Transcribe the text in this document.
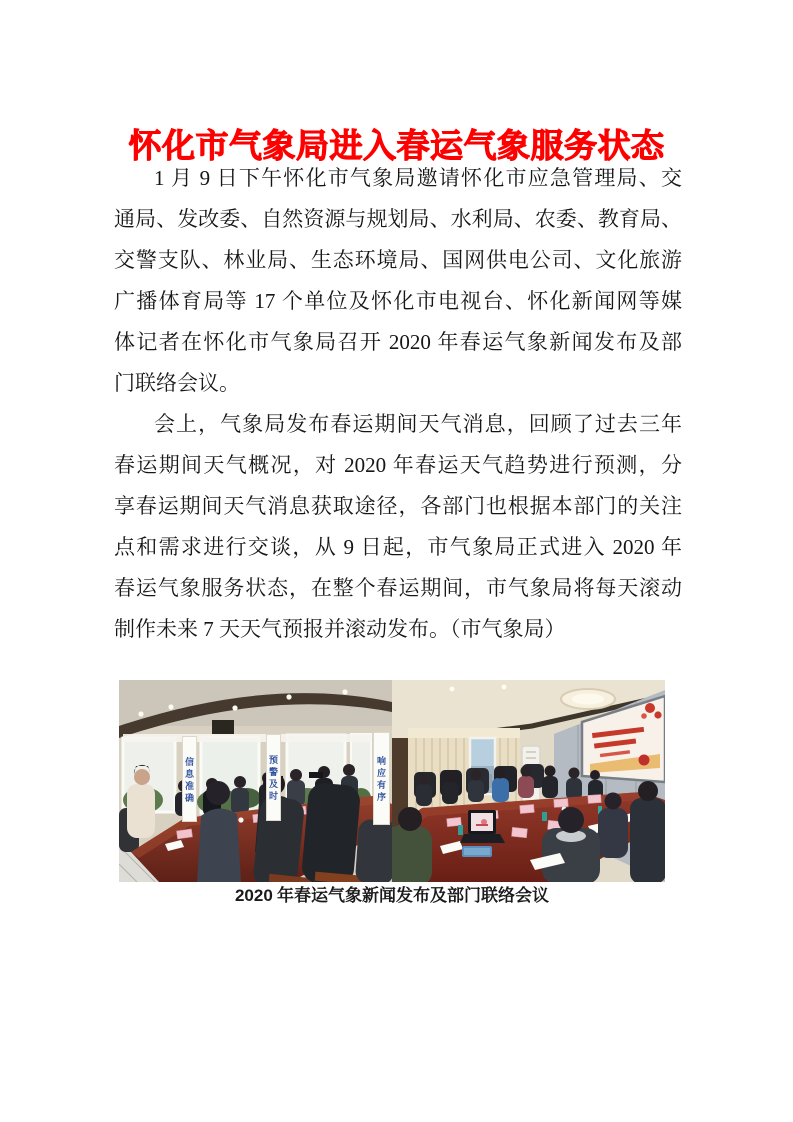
怀化市气象局进入春运气象服务状态
1 月 9 日下午怀化市气象局邀请怀化市应急管理局、交
通局、发改委、自然资源与规划局、水利局、农委、教育局、
交警支队、林业局、生态环境局、国网供电公司、文化旅游
广播体育局等 17 个单位及怀化市电视台、怀化新闻网等媒
体记者在怀化市气象局召开 2020 年春运气象新闻发布及部
门联络会议。
会上，气象局发布春运期间天气消息，回顾了过去三年
春运期间天气概况，对 2020 年春运天气趋势进行预测，分
享春运期间天气消息获取途径，各部门也根据本部门的关注
点和需求进行交谈，从 9 日起，市气象局正式进入 2020 年
春运气象服务状态，在整个春运期间，市气象局将每天滚动
制作未来 7 天天气预报并滚动发布。（市气象局）
信息准确	预警及时	响应有序
2020 年春运气象新闻发布及部门联络会议
